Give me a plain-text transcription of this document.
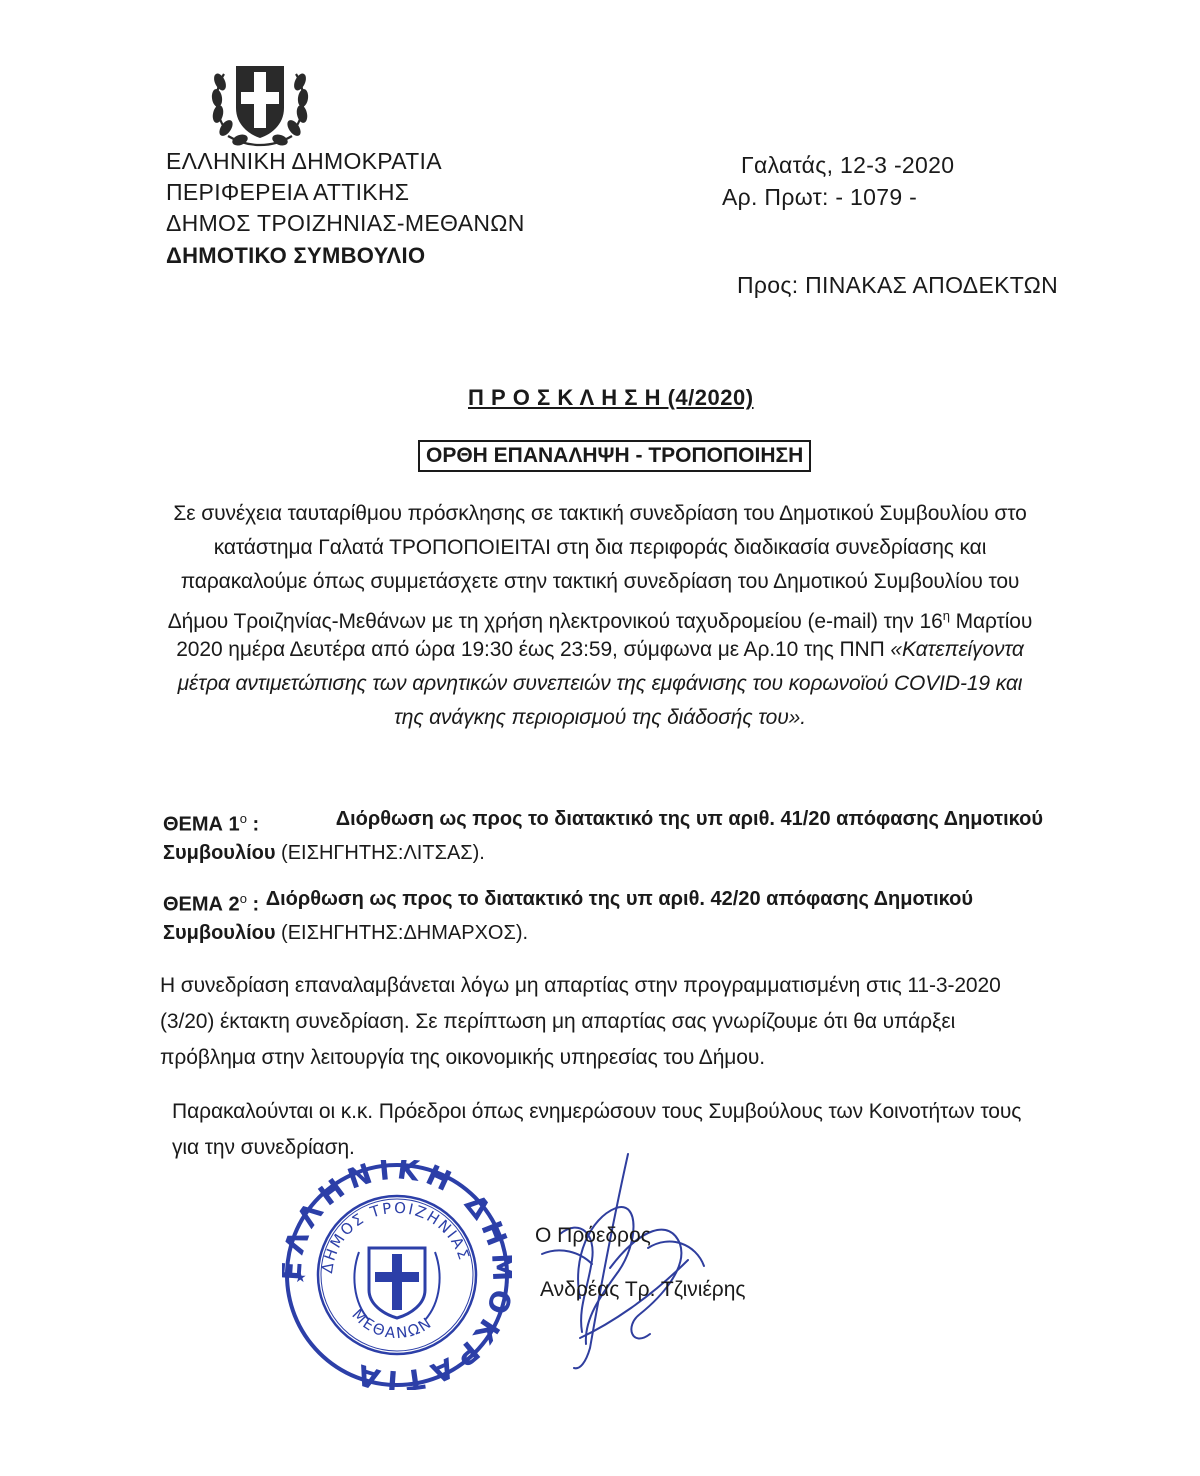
ΕΛΛΗΝΙΚΗ ΔΗΜΟΚΡΑΤΙΑ
ΠΕΡΙΦΕΡΕΙΑ ΑΤΤΙΚΗΣ
ΔΗΜΟΣ ΤΡΟΙΖΗΝΙΑΣ-ΜΕΘΑΝΩΝ
ΔΗΜΟΤΙΚΟ ΣΥΜΒΟΥΛΙΟ
Γαλατάς, 12-3 -2020
Αρ. Πρωτ: - 1079 -
Προς: ΠΙΝΑΚΑΣ ΑΠΟΔΕΚΤΩΝ
Π Ρ Ο Σ Κ Λ Η Σ Η (4/2020)
ΟΡΘΗ ΕΠΑΝΑΛΗΨΗ - ΤΡΟΠΟΠΟΙΗΣΗ
Σε συνέχεια ταυταρίθμου πρόσκλησης σε τακτική συνεδρίαση του Δημοτικού Συμβουλίου στο
κατάστημα Γαλατά ΤΡΟΠΟΠΟΙΕΙΤΑΙ στη δια περιφοράς διαδικασία συνεδρίασης και
παρακαλούμε όπως συμμετάσχετε στην τακτική συνεδρίαση του Δημοτικού Συμβουλίου του
Δήμου Τροιζηνίας-Μεθάνων με τη χρήση ηλεκτρονικού ταχυδρομείου (e-mail) την $16^\eta$ Μαρτίου
2020 ημέρα Δευτέρα από ώρα 19:30 έως 23:59, σύμφωνα με Αρ.10 της ΠΝΠ «Κατεπείγοντα
μέτρα αντιμετώπισης των αρνητικών συνεπειών της εμφάνισης του κορωνοϊού COVID-19 και
της ανάγκης περιορισμού της διάδοσής του».
ΘΕΜΑ $1^o$ :	Διόρθωση ως προς το διατακτικό της υπ αριθ. 41/20 απόφασης Δημοτικού
Συμβουλίου (ΕΙΣΗΓΗΤΗΣ:ΛΙΤΣΑΣ).
ΘΕΜΑ $2^o$ : Διόρθωση ως προς το διατακτικό της υπ αριθ. 42/20 απόφασης Δημοτικού
Συμβουλίου (ΕΙΣΗΓΗΤΗΣ:ΔΗΜΑΡΧΟΣ).
Η συνεδρίαση επαναλαμβάνεται λόγω μη απαρτίας στην προγραμματισμένη στις 11-3-2020
(3/20) έκτακτη συνεδρίαση. Σε περίπτωση μη απαρτίας σας γνωρίζουμε ότι θα υπάρξει
πρόβλημα στην λειτουργία της οικονομικής υπηρεσίας του Δήμου.
Παρακαλούνται οι κ.κ. Πρόεδροι όπως ενημερώσουν τους Συμβούλους των Κοινοτήτων τους
για την συνεδρίαση.
ΛΗΝΙΚΗ ΔΗ ΚΡΑΤΙΑ
ΔΗΜΟΣ ΤΡΟΙΖΗΝΙΑΣ
ΜΕΘΑΝΩΝ
★
Ο Πρόεδρος
Ανδρέας Τρ. Τζινιέρης
